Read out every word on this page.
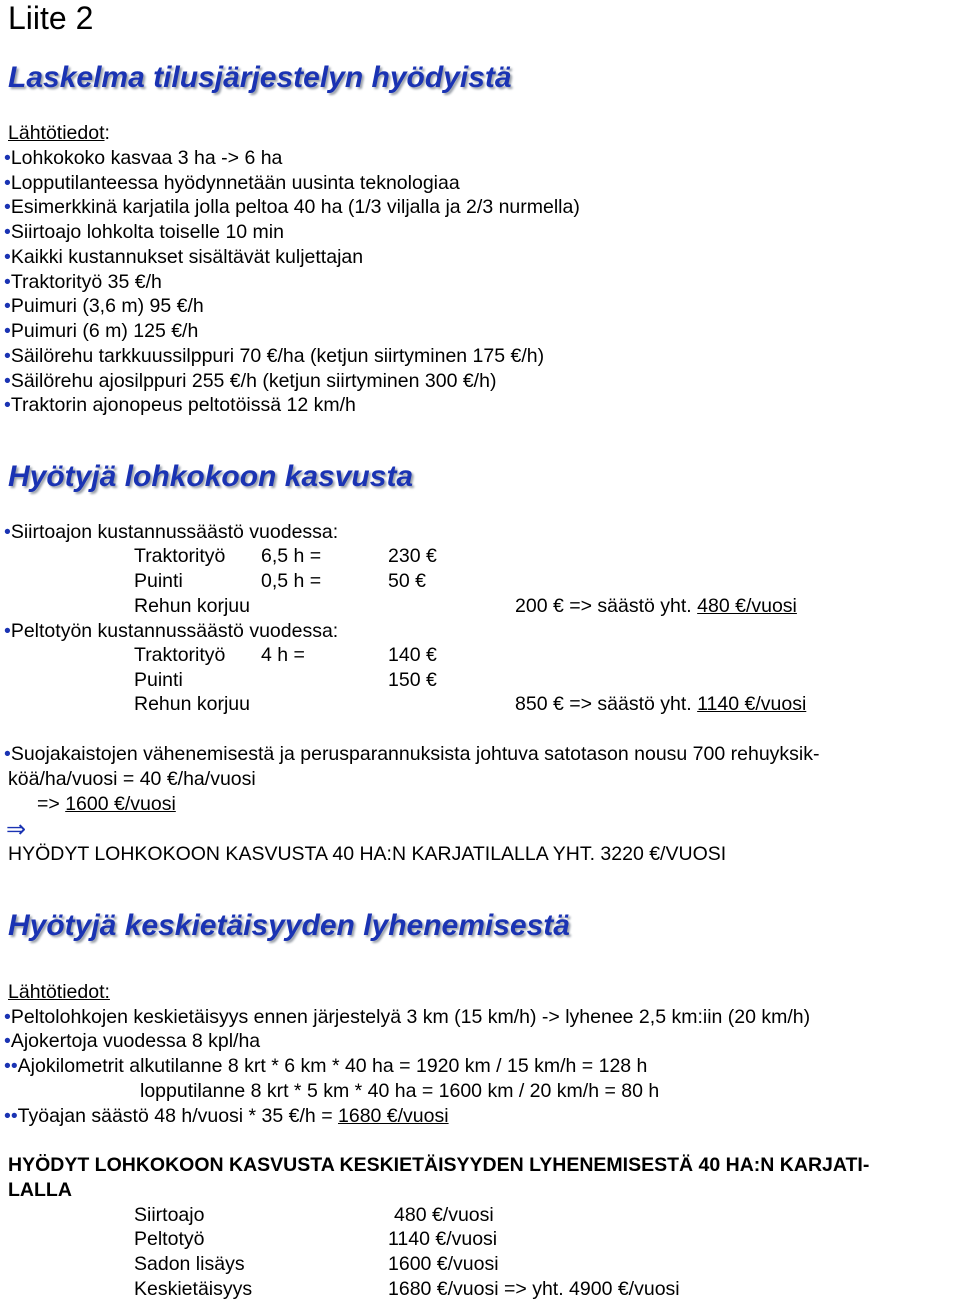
Liite 2
Laskelma tilusjärjestelyn hyödyistä
Lähtötiedot:
•Lohkokoko kasvaa 3 ha -> 6 ha
•Lopputilanteessa hyödynnetään uusinta teknologiaa
•Esimerkkinä karjatila jolla peltoa 40 ha (1/3 viljalla ja 2/3 nurmella)
•Siirtoajo lohkolta toiselle 10 min
•Kaikki kustannukset sisältävät kuljettajan
•Traktorityö 35 €/h
•Puimuri (3,6 m) 95 €/h
•Puimuri (6 m) 125 €/h
•Säilörehu tarkkuussilppuri 70 €/ha (ketjun siirtyminen 175 €/h)
•Säilörehu ajosilppuri 255 €/h (ketjun siirtyminen 300 €/h)
•Traktorin ajonopeus peltotöissä 12 km/h
Hyötyjä lohkokoon kasvusta
•Siirtoajon kustannussäästö vuodessa:
Traktorityö 6,5 h =	230 €
Puinti	0,5 h =	50 €
Rehun korjuu	200 € => säästö yht. 480 €/vuosi
•Peltotyön kustannussäästö vuodessa:
Traktorityö 4 h =	140 €
Puinti	150 €
Rehun korjuu	850 € => säästö yht. 1140 €/vuosi
•Suojakaistojen vähenemisestä ja perusparannuksista johtuva satotason nousu 700 rehuyksik-
köä/ha/vuosi = 40 €/ha/vuosi
=> 1600 €/vuosi
⇒
HYÖDYT LOHKOKOON KASVUSTA 40 HA:N KARJATILALLA YHT. 3220 €/VUOSI
Hyötyjä keskietäisyyden lyhenemisestä
Lähtötiedot:
•Peltolohkojen keskietäisyys ennen järjestelyä 3 km (15 km/h) -> lyhenee 2,5 km:iin (20 km/h)
•Ajokertoja vuodessa 8 kpl/ha
••Ajokilometrit alkutilanne 8 krt * 6 km * 40 ha = 1920 km / 15 km/h = 128 h
lopputilanne 8 krt * 5 km * 40 ha = 1600 km / 20 km/h = 80 h
••Työajan säästö 48 h/vuosi * 35 €/h = 1680 €/vuosi
HYÖDYT LOHKOKOON KASVUSTA KESKIETÄISYYDEN LYHENEMISESTÄ 40 HA:N KARJATI-
LALLA
Siirtoajo	480 €/vuosi
Peltotyö	1140 €/vuosi
Sadon lisäys	1600 €/vuosi
Keskietäisyys	1680 €/vuosi => yht. 4900 €/vuosi
